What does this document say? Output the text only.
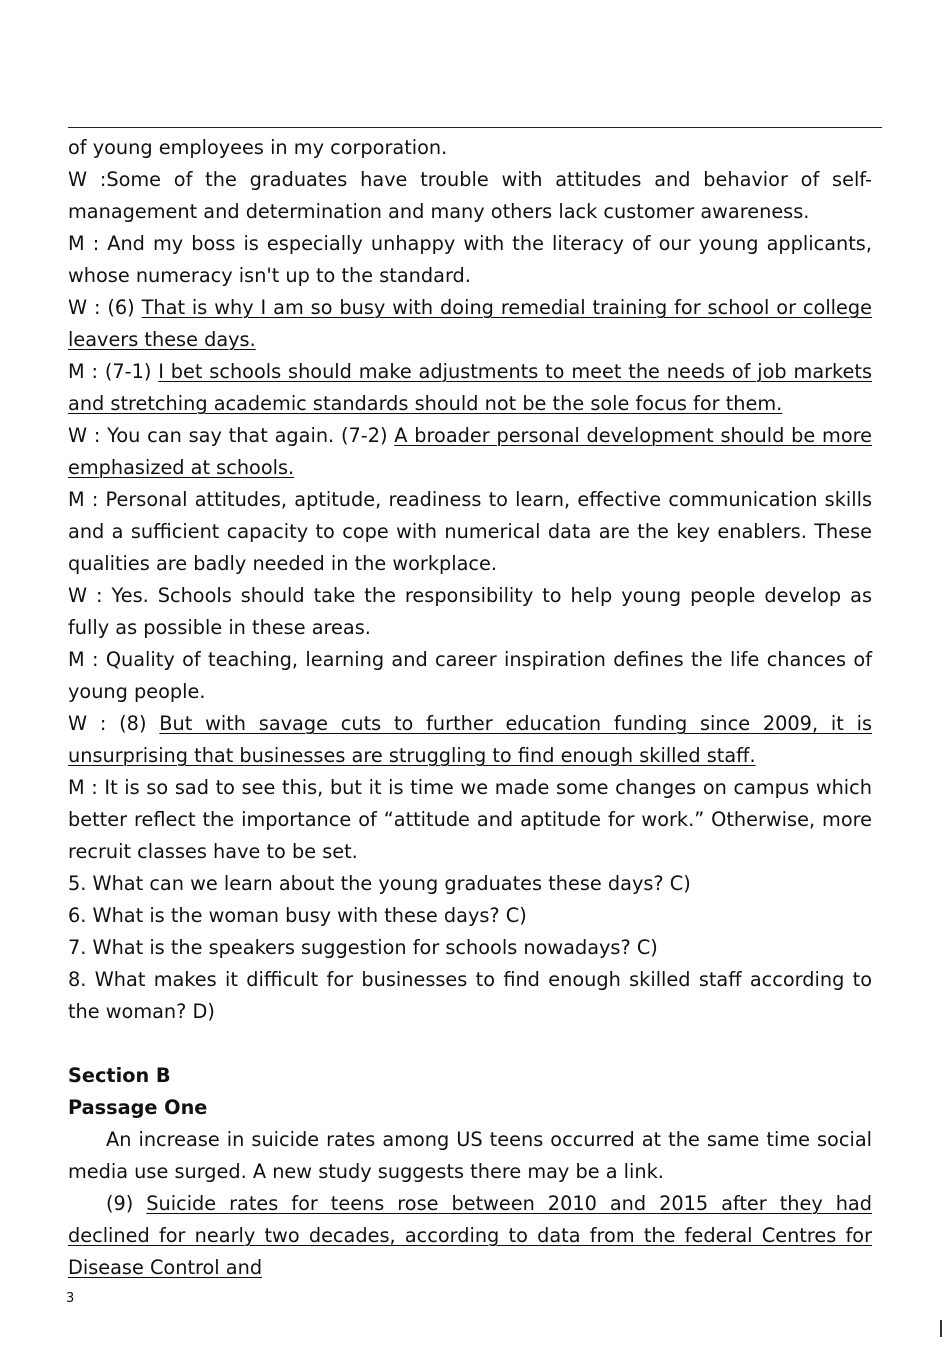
of young employees in my corporation.

W :Some of the graduates have trouble with attitudes and behavior of self-management and determination and many others lack customer awareness.

M : And my boss is especially unhappy with the literacy of our young applicants, whose numeracy isn't up to the standard.

W : (6) That is why I am so busy with doing remedial training for school or college leavers these days.

M : (7-1) I bet schools should make adjustments to meet the needs of job markets and stretching academic standards should not be the sole focus for them.

W : You can say that again. (7-2) A broader personal development should be more emphasized at schools.

M : Personal attitudes, aptitude, readiness to learn, effective communication skills and a sufficient capacity to cope with numerical data are the key enablers. These qualities are badly needed in the workplace.

W : Yes. Schools should take the responsibility to help young people develop as fully as possible in these areas.

M : Quality of teaching, learning and career inspiration defines the life chances of young people.

W : (8) But with savage cuts to further education funding since 2009, it is unsurprising that businesses are struggling to find enough skilled staff.

M : It is so sad to see this, but it is time we made some changes on campus which better reflect the importance of “attitude and aptitude for work.” Otherwise, more recruit classes have to be set.

5. What can we learn about the young graduates these days? C)

6. What is the woman busy with these days? C)

7. What is the speakers suggestion for schools nowadays? C)

8. What makes it difficult for businesses to find enough skilled staff according to the woman? D)

Section B

Passage One

An increase in suicide rates among US teens occurred at the same time social media use surged. A new study suggests there may be a link.

(9) Suicide rates for teens rose between 2010 and 2015 after they had declined for nearly two decades, according to data from the federal Centres for Disease Control and

3
